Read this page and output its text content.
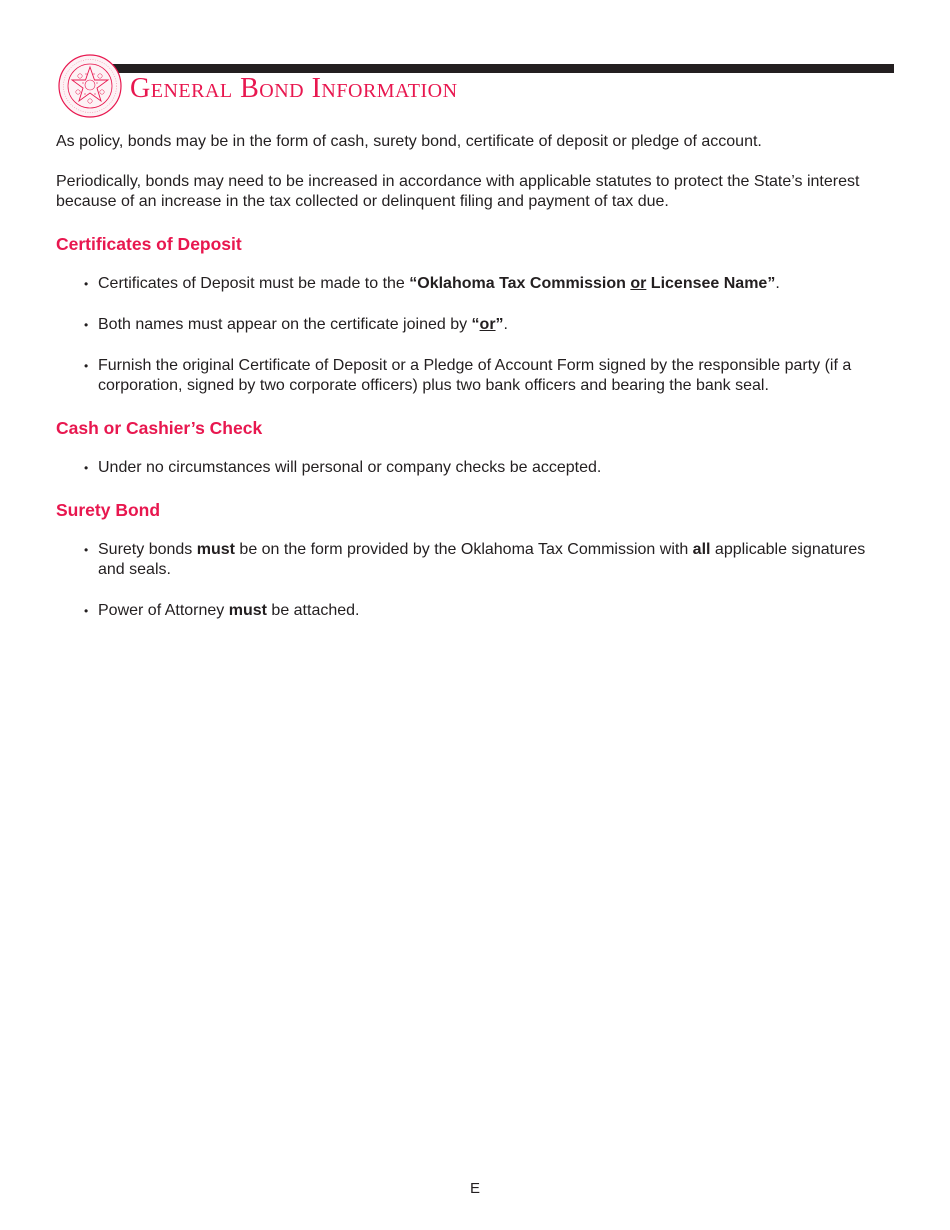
General Bond Information

As policy, bonds may be in the form of cash, surety bond, certificate of deposit or pledge of account.

Periodically, bonds may need to be increased in accordance with applicable statutes to protect the State’s interest because of an increase in the tax collected or delinquent filing and payment of tax due.

Certificates of Deposit
• Certificates of Deposit must be made to the “Oklahoma Tax Commission or Licensee Name”.
• Both names must appear on the certificate joined by “or”.
• Furnish the original Certificate of Deposit or a Pledge of Account Form signed by the responsible party (if a corporation, signed by two corporate officers) plus two bank officers and bearing the bank seal.
Cash or Cashier’s Check
• Under no circumstances will personal or company checks be accepted.
Surety Bond
• Surety bonds must be on the form provided by the Oklahoma Tax Commission with all applicable signatures and seals.
• Power of Attorney must be attached.
E
